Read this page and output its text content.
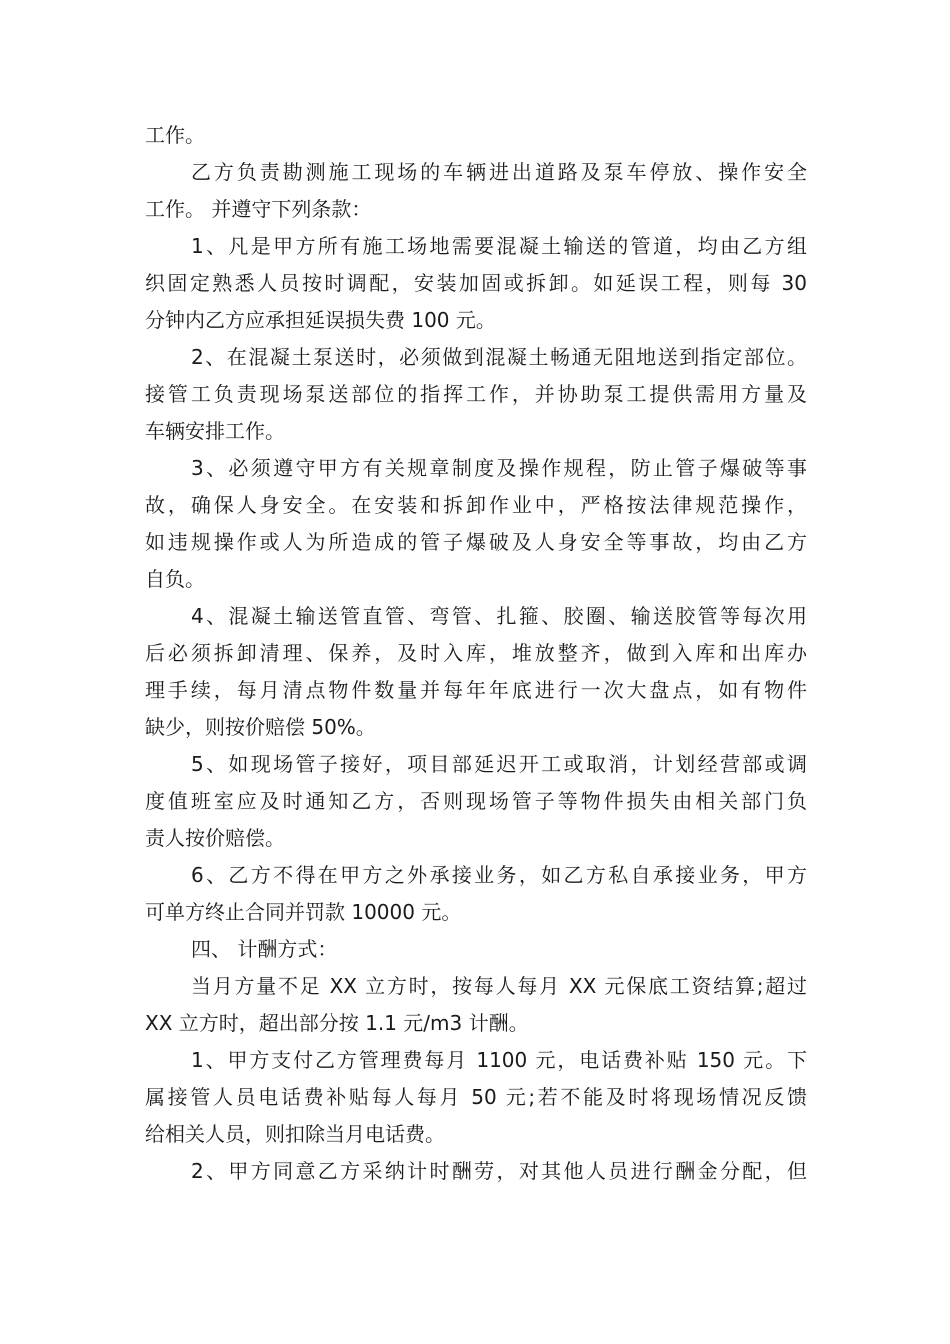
工作。
乙方负责勘测施工现场的车辆进出道路及泵车停放、操作安全
工作。 并遵守下列条款：
1、凡是甲方所有施工场地需要混凝土输送的管道，均由乙方组
织固定熟悉人员按时调配，安装加固或拆卸。如延误工程，则每 30
分钟内乙方应承担延误损失费 100 元。
2、在混凝土泵送时，必须做到混凝土畅通无阻地送到指定部位。
接管工负责现场泵送部位的指挥工作，并协助泵工提供需用方量及
车辆安排工作。
3、必须遵守甲方有关规章制度及操作规程，防止管子爆破等事
故，确保人身安全。在安装和拆卸作业中，严格按法律规范操作，
如违规操作或人为所造成的管子爆破及人身安全等事故，均由乙方
自负。
4、混凝土输送管直管、弯管、扎箍、胶圈、输送胶管等每次用
后必须拆卸清理、保养，及时入库，堆放整齐，做到入库和出库办
理手续，每月清点物件数量并每年年底进行一次大盘点，如有物件
缺少，则按价赔偿 50%。
5、如现场管子接好，项目部延迟开工或取消，计划经营部或调
度值班室应及时通知乙方，否则现场管子等物件损失由相关部门负
责人按价赔偿。
6、乙方不得在甲方之外承接业务，如乙方私自承接业务，甲方
可单方终止合同并罚款 10000 元。
四、 计酬方式：
当月方量不足 XX 立方时，按每人每月 XX 元保底工资结算;超过
XX 立方时，超出部分按 1.1 元/m3 计酬。
1、甲方支付乙方管理费每月 1100 元，电话费补贴 150 元。下
属接管人员电话费补贴每人每月 50 元;若不能及时将现场情况反馈
给相关人员，则扣除当月电话费。
2、甲方同意乙方采纳计时酬劳，对其他人员进行酬金分配，但
